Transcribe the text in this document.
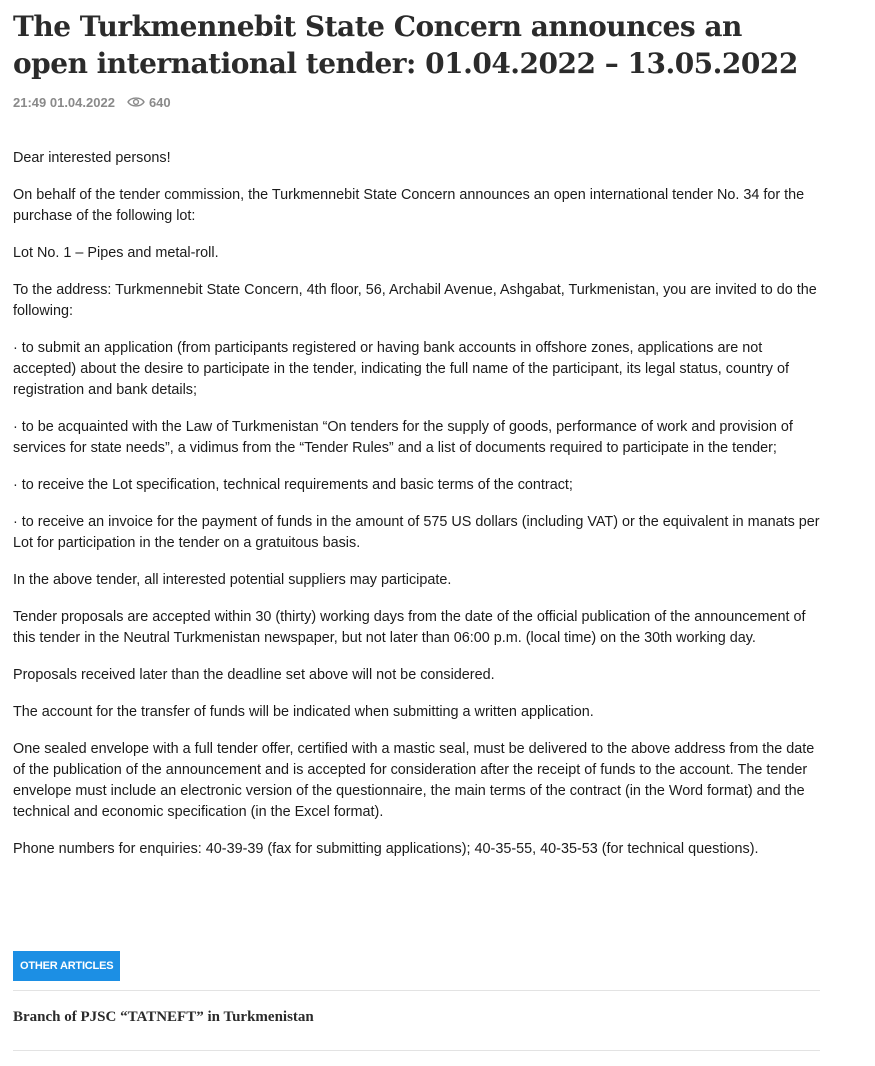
The Turkmennebit State Concern announces an open international tender: 01.04.2022 – 13.05.2022
21:49 01.04.2022	640

Dear interested persons!

On behalf of the tender commission, the Turkmennebit State Concern announces an open international tender No. 34 for the purchase of the following lot:

Lot No. 1 – Pipes and metal-roll.

To the address: Turkmennebit State Concern, 4th floor, 56, Archabil Avenue, Ashgabat, Turkmenistan, you are invited to do the following:

· to submit an application (from participants registered or having bank accounts in offshore zones, applications are not accepted) about the desire to participate in the tender, indicating the full name of the participant, its legal status, country of registration and bank details;

· to be acquainted with the Law of Turkmenistan “On tenders for the supply of goods, performance of work and provision of services for state needs”, a vidimus from the “Tender Rules” and a list of documents required to participate in the tender;

· to receive the Lot specification, technical requirements and basic terms of the contract;

· to receive an invoice for the payment of funds in the amount of 575 US dollars (including VAT) or the equivalent in manats per Lot for participation in the tender on a gratuitous basis.

In the above tender, all interested potential suppliers may participate.

Tender proposals are accepted within 30 (thirty) working days from the date of the official publication of the announcement of this tender in the Neutral Turkmenistan newspaper, but not later than 06:00 p.m. (local time) on the 30th working day.

Proposals received later than the deadline set above will not be considered.

The account for the transfer of funds will be indicated when submitting a written application.

One sealed envelope with a full tender offer, certified with a mastic seal, must be delivered to the above address from the date of the publication of the announcement and is accepted for consideration after the receipt of funds to the account. The tender envelope must include an electronic version of the questionnaire, the main terms of the contract (in the Word format) and the technical and economic specification (in the Excel format).

Phone numbers for enquiries: 40-39-39 (fax for submitting applications); 40-35-55, 40-35-53 (for technical questions).

OTHER ARTICLES
Branch of PJSC “TATNEFT” in Turkmenistan
